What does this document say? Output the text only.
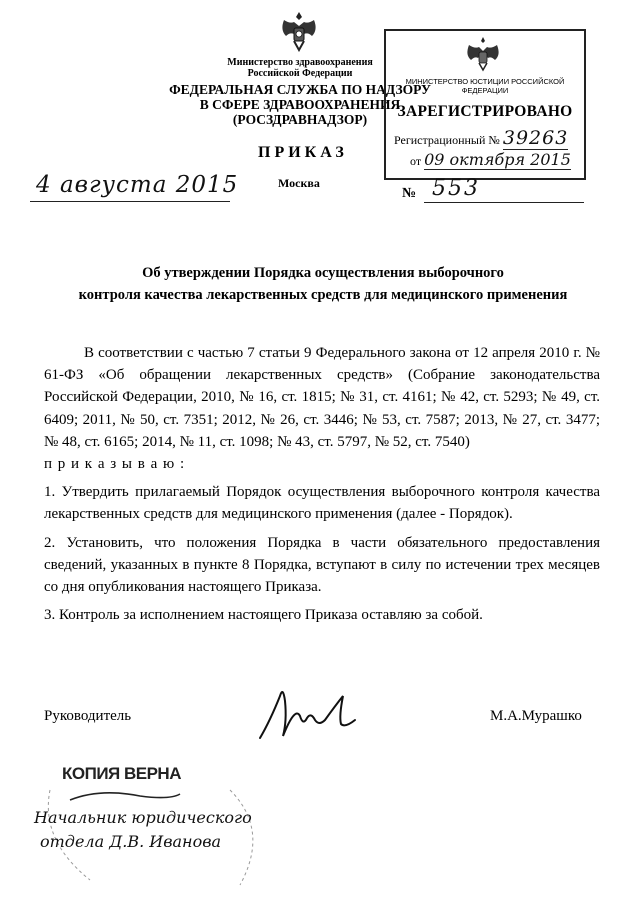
Министерство здравоохранения
Российской Федерации
ФЕДЕРАЛЬНАЯ СЛУЖБА ПО НАДЗОРУ
В СФЕРЕ ЗДРАВООХРАНЕНИЯ
(РОСЗДРАВНАДЗОР)
МИНИСТЕРСТВО ЮСТИЦИИ РОССИЙСКОЙ ФЕДЕРАЦИИ
ЗАРЕГИСТРИРОВАНО
Регистрационный № 39263
от 09 октября 2015
ПРИКАЗ
4 августа 2015	Москва
№ 553
Об утверждении Порядка осуществления выборочного
контроля качества лекарственных средств для медицинского применения

В соответствии с частью 7 статьи 9 Федерального закона от 12 апреля 2010 г. № 61-ФЗ «Об обращении лекарственных средств» (Собрание законодательства Российской Федерации, 2010, № 16, ст. 1815; № 31, ст. 4161; № 42, ст. 5293; № 49, ст. 6409; 2011, № 50, ст. 7351; 2012, № 26, ст. 3446; № 53, ст. 7587; 2013, № 27, ст. 3477; № 48, ст. 6165; 2014, № 11, ст. 1098; № 43, ст. 5797, № 52, ст. 7540)

п р и к а з ы в а ю :

1. Утвердить прилагаемый Порядок осуществления выборочного контроля качества лекарственных средств для медицинского применения (далее - Порядок).

2. Установить, что положения Порядка в части обязательного предоставления сведений, указанных в пункте 8 Порядка, вступают в силу по истечении трех месяцев со дня опубликования настоящего Приказа.

3. Контроль за исполнением настоящего Приказа оставляю за собой.

Руководитель	М.А.Мурашко
КОПИЯ ВЕРНА
Начальник юридического
отдела Д.В. Иванова
